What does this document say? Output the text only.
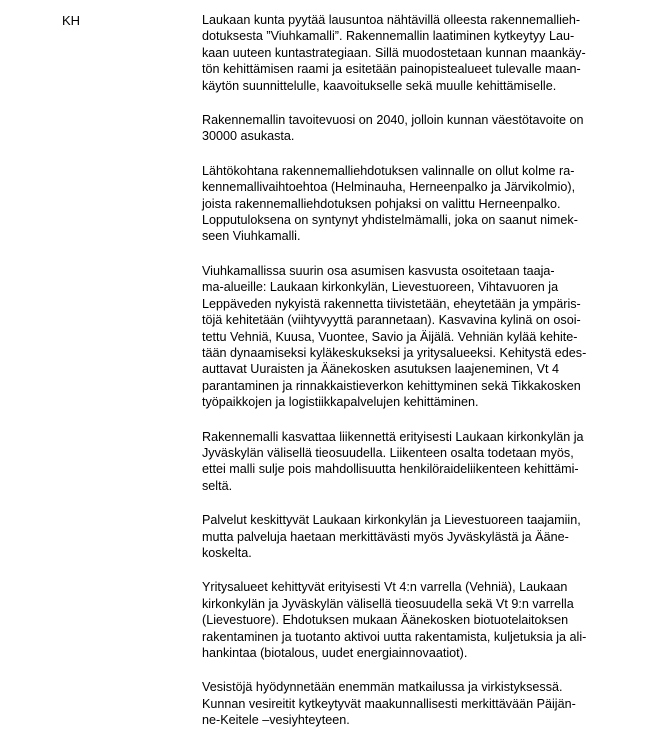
KH	Laukaan kunta pyytää lausuntoa nähtävillä olleesta rakennemallieh-
dotuksesta ”Viuhkamalli”. Rakennemallin laatiminen kytkeytyy Lau-
kaan uuteen kuntastrategiaan. Sillä muodostetaan kunnan maankäy-
tön kehittämisen raami ja esitetään painopistealueet tulevalle maan-
käytön suunnittelulle, kaavoitukselle sekä muulle kehittämiselle.
Rakennemallin tavoitevuosi on 2040, jolloin kunnan väestötavoite on
30000 asukasta.
Lähtökohtana rakennemalliehdotuksen valinnalle on ollut kolme ra-
kennemallivaihtoehtoa (Helminauha, Herneenpalko ja Järvikolmio),
joista rakennemalliehdotuksen pohjaksi on valittu Herneenpalko.
Lopputuloksena on syntynyt yhdistelmämalli, joka on saanut nimek-
seen Viuhkamalli.
Viuhkamallissa suurin osa asumisen kasvusta osoitetaan taaja-
ma-alueille: Laukaan kirkonkylän, Lievestuoreen, Vihtavuoren ja
Leppäveden nykyistä rakennetta tiivistetään, eheytetään ja ympäris-
töjä kehitetään (viihtyvyyttä parannetaan). Kasvavina kylinä on osoi-
tettu Vehniä, Kuusa, Vuontee, Savio ja Äijälä. Vehniän kylää kehite-
tään dynaamiseksi kyläkeskukseksi ja yritysalueeksi. Kehitystä edes-
auttavat Uuraisten ja Äänekosken asutuksen laajeneminen, Vt 4
parantaminen ja rinnakkaistieverkon kehittyminen sekä Tikkakosken
työpaikkojen ja logistiikkapalvelujen kehittäminen.
Rakennemalli kasvattaa liikennettä erityisesti Laukaan kirkonkylän ja
Jyväskylän välisellä tieosuudella. Liikenteen osalta todetaan myös,
ettei malli sulje pois mahdollisuutta henkilöraideliikenteen kehittämi-
seltä.
Palvelut keskittyvät Laukaan kirkonkylän ja Lievestuoreen taajamiin,
mutta palveluja haetaan merkittävästi myös Jyväskylästä ja Ääne-
koskelta.
Yritysalueet kehittyvät erityisesti Vt 4:n varrella (Vehniä), Laukaan
kirkonkylän ja Jyväskylän välisellä tieosuudella sekä Vt 9:n varrella
(Lievestuore). Ehdotuksen mukaan Äänekosken biotuotelaitoksen
rakentaminen ja tuotanto aktivoi uutta rakentamista, kuljetuksia ja ali-
hankintaa (biotalous, uudet energiainnovaatiot).
Vesistöjä hyödynnetään enemmän matkailussa ja virkistyksessä.
Kunnan vesireitit kytkeytyvät maakunnallisesti merkittävään Päijän-
ne-Keitele –vesiyhteyteen.
